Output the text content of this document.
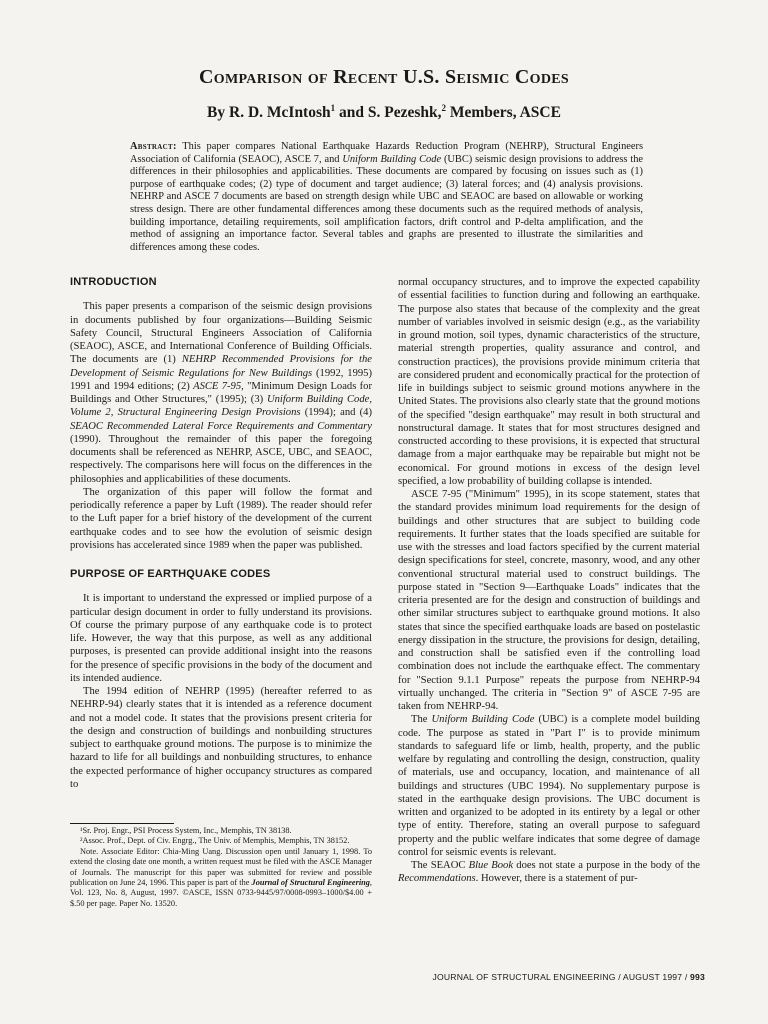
Comparison of Recent U.S. Seismic Codes
By R. D. McIntosh$^1$ and S. Pezeshk,$^2$ Members, ASCE
Abstract: This paper compares National Earthquake Hazards Reduction Program (NEHRP), Structural Engineers Association of California (SEAOC), ASCE 7, and Uniform Building Code (UBC) seismic design provisions to address the differences in their philosophies and applicabilities. These documents are compared by focusing on issues such as (1) purpose of earthquake codes; (2) type of document and target audience; (3) lateral forces; and (4) analysis provisions. NEHRP and ASCE 7 documents are based on strength design while UBC and SEAOC are based on allowable or working stress design. There are other fundamental differences among these documents such as the required methods of analysis, building importance, detailing requirements, soil amplification factors, drift control and P-delta amplification, and the method of assigning an importance factor. Several tables and graphs are presented to illustrate the similarities and differences among these codes.
INTRODUCTION

This paper presents a comparison of the seismic design provisions in documents published by four organizations—Building Seismic Safety Council, Structural Engineers Association of California (SEAOC), ASCE, and International Conference of Building Officials. The documents are (1) NEHRP Recommended Provisions for the Development of Seismic Regulations for New Buildings (1992, 1995) 1991 and 1994 editions; (2) ASCE 7-95, "Minimum Design Loads for Buildings and Other Structures," (1995); (3) Uniform Building Code, Volume 2, Structural Engineering Design Provisions (1994); and (4) SEAOC Recommended Lateral Force Requirements and Commentary (1990). Throughout the remainder of this paper the foregoing documents shall be referenced as NEHRP, ASCE, UBC, and SEAOC, respectively. The comparisons here will focus on the differences in the philosophies and applicabilities of these documents.

The organization of this paper will follow the format and periodically reference a paper by Luft (1989). The reader should refer to the Luft paper for a brief history of the development of the current earthquake codes and to see how the evolution of seismic design provisions has accelerated since 1989 when the paper was published.

PURPOSE OF EARTHQUAKE CODES

It is important to understand the expressed or implied purpose of a particular design document in order to fully understand its provisions. Of course the primary purpose of any earthquake code is to protect life. However, the way that this purpose, as well as any additional purposes, is presented can provide additional insight into the reasons for the presence of specific provisions in the body of the document and its intended audience.

The 1994 edition of NEHRP (1995) (hereafter referred to as NEHRP-94) clearly states that it is intended as a reference document and not a model code. It states that the provisions present criteria for the design and construction of buildings and nonbuilding structures subject to earthquake ground motions. The purpose is to minimize the hazard to life for all buildings and nonbuilding structures, to enhance the expected performance of higher occupancy structures as compared to

¹Sr. Proj. Engr., PSI Process System, Inc., Memphis, TN 38138.

²Assoc. Prof., Dept. of Civ. Engrg., The Univ. of Memphis, Memphis, TN 38152.

Note. Associate Editor: Chia-Ming Uang. Discussion open until January 1, 1998. To extend the closing date one month, a written request must be filed with the ASCE Manager of Journals. The manuscript for this paper was submitted for review and possible publication on June 24, 1996. This paper is part of the Journal of Structural Engineering, Vol. 123, No. 8, August, 1997. ©ASCE, ISSN 0733-9445/97/0008-0993–1000/$4.00 + $.50 per page. Paper No. 13520.

normal occupancy structures, and to improve the expected capability of essential facilities to function during and following an earthquake. The purpose also states that because of the complexity and the great number of variables involved in seismic design (e.g., as the variability in ground motion, soil types, dynamic characteristics of the structure, material strength properties, quality assurance and control, and construction practices), the provisions provide minimum criteria that are considered prudent and economically practical for the protection of life in buildings subject to seismic ground motions anywhere in the United States. The provisions also clearly state that the ground motions of the specified "design earthquake" may result in both structural and nonstructural damage. It states that for most structures designed and constructed according to these provisions, it is expected that structural damage from a major earthquake may be repairable but might not be economical. For ground motions in excess of the design level specified, a low probability of building collapse is intended.

ASCE 7-95 ("Minimum" 1995), in its scope statement, states that the standard provides minimum load requirements for the design of buildings and other structures that are subject to building code requirements. It further states that the loads specified are suitable for use with the stresses and load factors specified by the current material design specifications for steel, concrete, masonry, wood, and any other conventional structural material used to construct buildings. The purpose stated in "Section 9—Earthquake Loads" indicates that the criteria presented are for the design and construction of buildings and other similar structures subject to earthquake ground motions. It also states that since the specified earthquake loads are based on postelastic energy dissipation in the structure, the provisions for design, detailing, and construction shall be satisfied even if the controlling load combination does not include the earthquake effect. The commentary for "Section 9.1.1 Purpose" repeats the purpose from NEHRP-94 virtually unchanged. The criteria in "Section 9" of ASCE 7-95 are taken from NEHRP-94.

The Uniform Building Code (UBC) is a complete model building code. The purpose as stated in "Part I" is to provide minimum standards to safeguard life or limb, health, property, and the public welfare by regulating and controlling the design, construction, quality of materials, use and occupancy, location, and maintenance of all buildings and structures (UBC 1994). No supplementary purpose is stated in the earthquake design provisions. The UBC document is written and organized to be adopted in its entirety by a legal or other type of entity. Therefore, stating an overall purpose to safeguard property and the public welfare indicates that some degree of damage control for seismic events is relevant.

The SEAOC Blue Book does not state a purpose in the body of the Recommendations. However, there is a statement of pur-

JOURNAL OF STRUCTURAL ENGINEERING / AUGUST 1997 / 993
